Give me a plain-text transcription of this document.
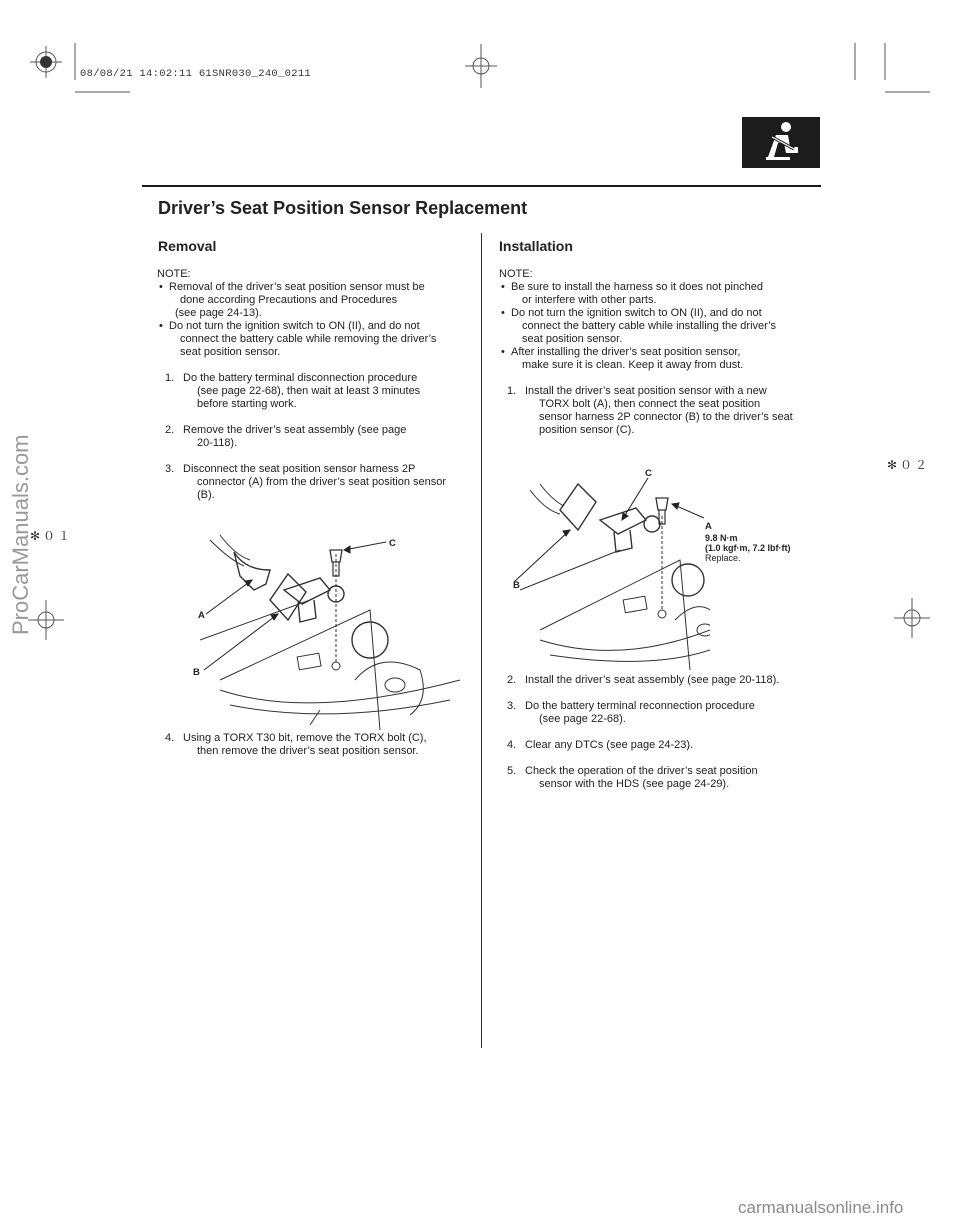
08/08/21 14:02:11 61SNR030_240_0211
Driver’s Seat Position Sensor Replacement
Removal

NOTE:

• Removal of the driver’s seat position sensor must be
done according Precautions and Procedures
(see page 24-13).
• Do not turn the ignition switch to ON (II), and do not
connect the battery cable while removing the driver’s
seat position sensor.
1. Do the battery terminal disconnection procedure
(see page 22-68), then wait at least 3 minutes
before starting work.
2. Remove the driver’s seat assembly (see page
20-118).
3. Disconnect the seat position sensor harness 2P
connector (A) from the driver’s seat position sensor
(B).
A
B
C
4. Using a TORX T30 bit, remove the TORX bolt (C),
then remove the driver’s seat position sensor.
Installation

NOTE:

• Be sure to install the harness so it does not pinched
or interfere with other parts.
• Do not turn the ignition switch to ON (II), and do not
connect the battery cable while installing the driver’s
seat position sensor.
• After installing the driver’s seat position sensor,
make sure it is clean. Keep it away from dust.
1. Install the driver’s seat position sensor with a new
TORX bolt (A), then connect the seat position
sensor harness 2P connector (B) to the driver’s seat
position sensor (C).
C
A
B
9.8 N·m
(1.0 kgf·m, 7.2 lbf·ft)
Replace.
2. Install the driver’s seat assembly (see page 20-118).
3. Do the battery terminal reconnection procedure
(see page 22-68).
4. Clear any DTCs (see page 24-23).
5. Check the operation of the driver’s seat position
sensor with the HDS (see page 24-29).
✻０１
✻０２
ProCarManuals.com
carmanualsonline.info
